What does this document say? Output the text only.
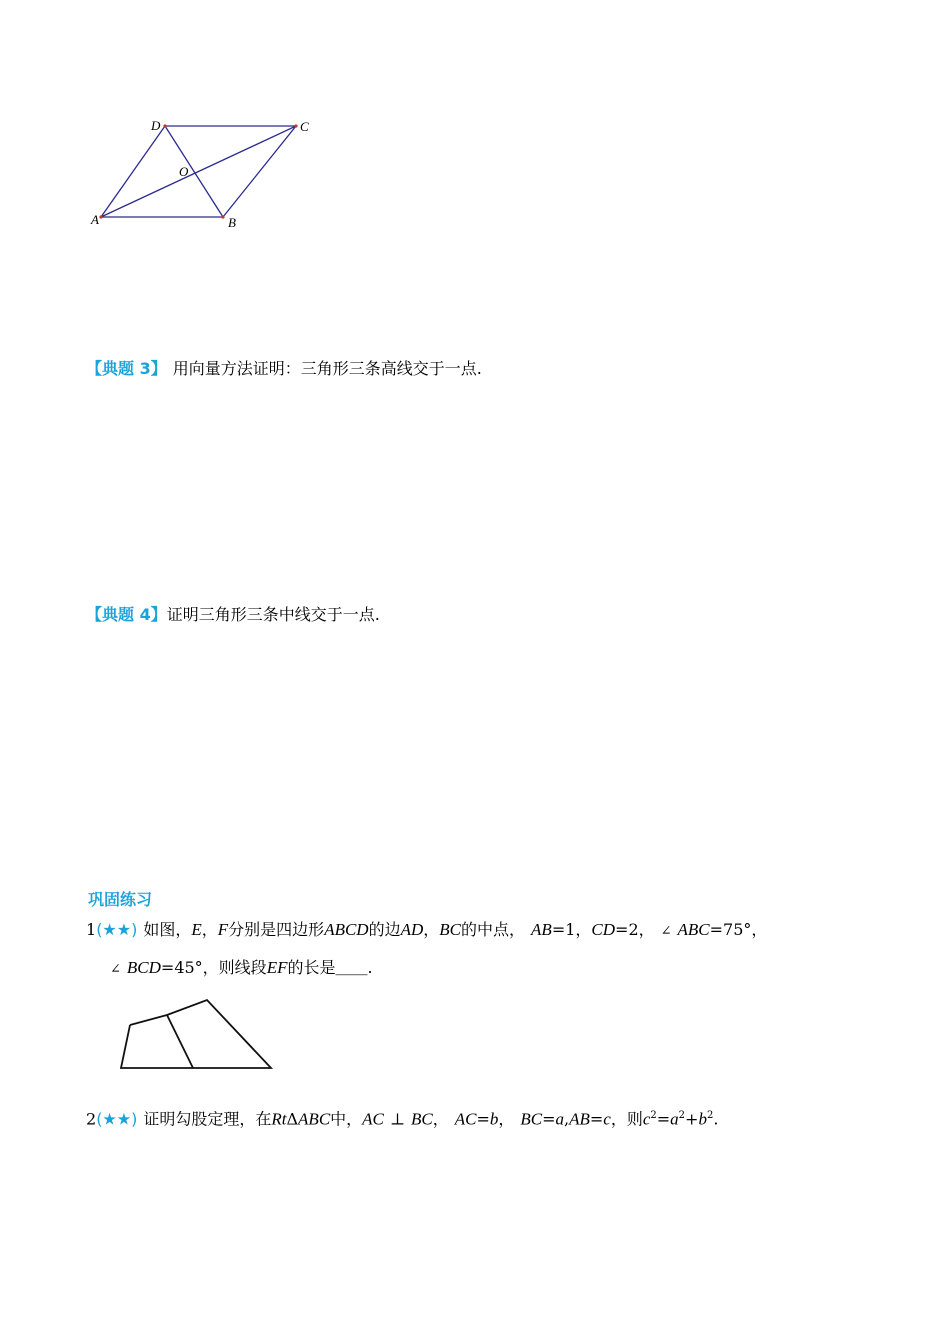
D	C
O
A	B
【典题 3】 用向量方法证明：三角形三条高线交于一点.
【典题 4】证明三角形三条中线交于一点.
巩固练习
1(★★) 如图，E，F分别是四边形ABCD的边AD，BC的中点， AB=1，CD=2， ∠ ABC=75°，
∠ BCD=45°，则线段EF的长是＿＿.
2(★★) 证明勾股定理，在RtΔABC中，AC ⊥ BC， AC=b， BC=a,AB=c，则$c^2=a^2+b^2$.
